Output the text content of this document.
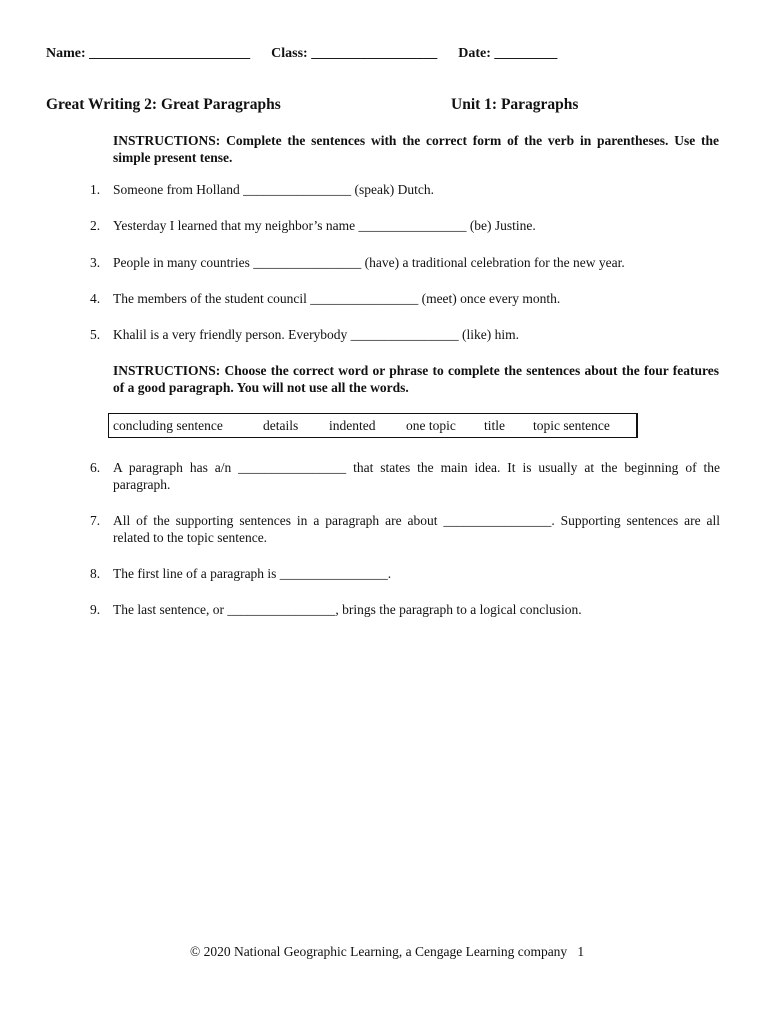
Name: _______________________ Class: __________________ Date: _________
Great Writing 2: Great Paragraphs	Unit 1: Paragraphs
INSTRUCTIONS: Complete the sentences with the correct form of the verb in parentheses. Use the simple present tense.
1. Someone from Holland ________________ (speak) Dutch.
2. Yesterday I learned that my neighbor’s name ________________ (be) Justine.
3. People in many countries ________________ (have) a traditional celebration for the new year.
4. The members of the student council ________________ (meet) once every month.
5. Khalil is a very friendly person. Everybody ________________ (like) him.
INSTRUCTIONS: Choose the correct word or phrase to complete the sentences about the four features of a good paragraph. You will not use all the words.
concluding sentence	details indented one topic title topic sentence
6. A paragraph has a/n ________________ that states the main idea. It is usually at the beginning of the paragraph.
7. All of the supporting sentences in a paragraph are about ________________. Supporting sentences are all related to the topic sentence.
8. The first line of a paragraph is ________________.
9. The last sentence, or ________________, brings the paragraph to a logical conclusion.
© 2020 National Geographic Learning, a Cengage Learning company 1
